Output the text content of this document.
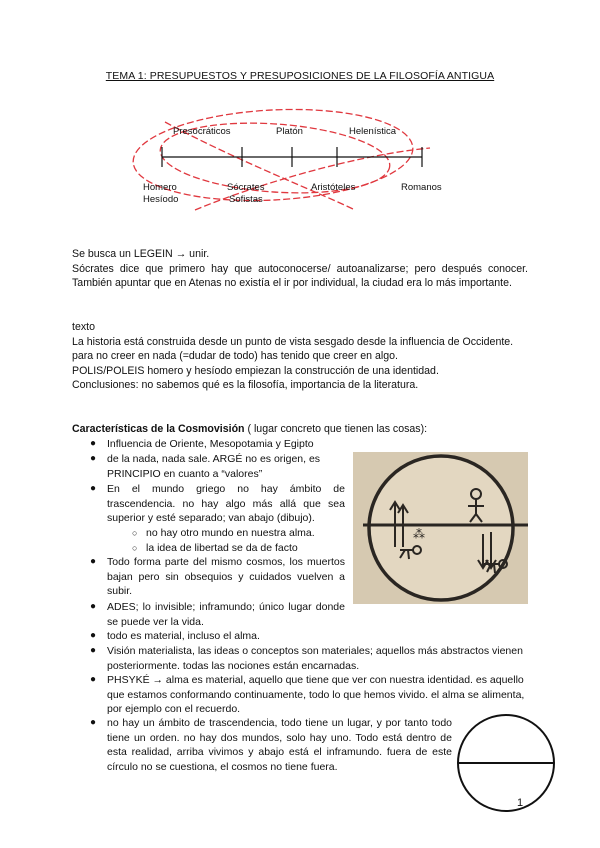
TEMA 1: PRESUPUESTOS Y PRESUPOSICIONES DE LA FILOSOFÍA ANTIGUA
Presocráticos	Platón	Helenística
Homero
Hesíodo
Sócrates
Sofistas
Aristóteles	Romanos

Se busca un LEGEIN → unir.

Sócrates dice que primero hay que autoconocerse/ autoanalizarse; pero después conocer. También apuntar que en Atenas no existía el ir por individual, la ciudad era lo más importante.

texto

La historia está construida desde un punto de vista sesgado desde la influencia de Occidente.

para no creer en nada (=dudar de todo) has tenido que creer en algo.

POLIS/POLEIS homero y hesíodo empiezan la construcción de una identidad.

Conclusiones: no sabemos qué es la filosofía, importancia de la literatura.

Características de la Cosmovisión ( lugar concreto que tienen las cosas):
● Influencia de Oriente, Mesopotamia y Egipto
● de la nada, nada sale. ARGÉ no es origen, es PRINCIPIO en cuanto a “valores”
● En el mundo griego no hay ámbito de trascendencia. no hay algo más allá que sea superior y esté separado; van abajo (dibujo).
○ no hay otro mundo en nuestra alma.
○ la idea de libertad se da de facto
● Todo forma parte del mismo cosmos, los muertos bajan pero sin obsequios y cuidados vuelven a subir.
● ADES; lo invisible; inframundo; único lugar donde se puede ver la vida.
● todo es material, incluso el alma.
● Visión materialista, las ideas o conceptos son materiales; aquellos más abstractos vienen posteriormente. todas las nociones están encarnadas.
● PHSYKÉ → alma es material, aquello que tiene que ver con nuestra identidad. es aquello que estamos conformando continuamente, todo lo que hemos vivido. el alma se alimenta, por ejemplo con el recuerdo.
● no hay un ámbito de trascendencia, todo tiene un lugar, y por tanto todo tiene un orden. no hay dos mundos, solo hay uno. Todo está dentro de esta realidad, arriba vivimos y abajo está el inframundo. fuera de este círculo no se cuestiona, el cosmos no tiene fuera.
⁂
1
